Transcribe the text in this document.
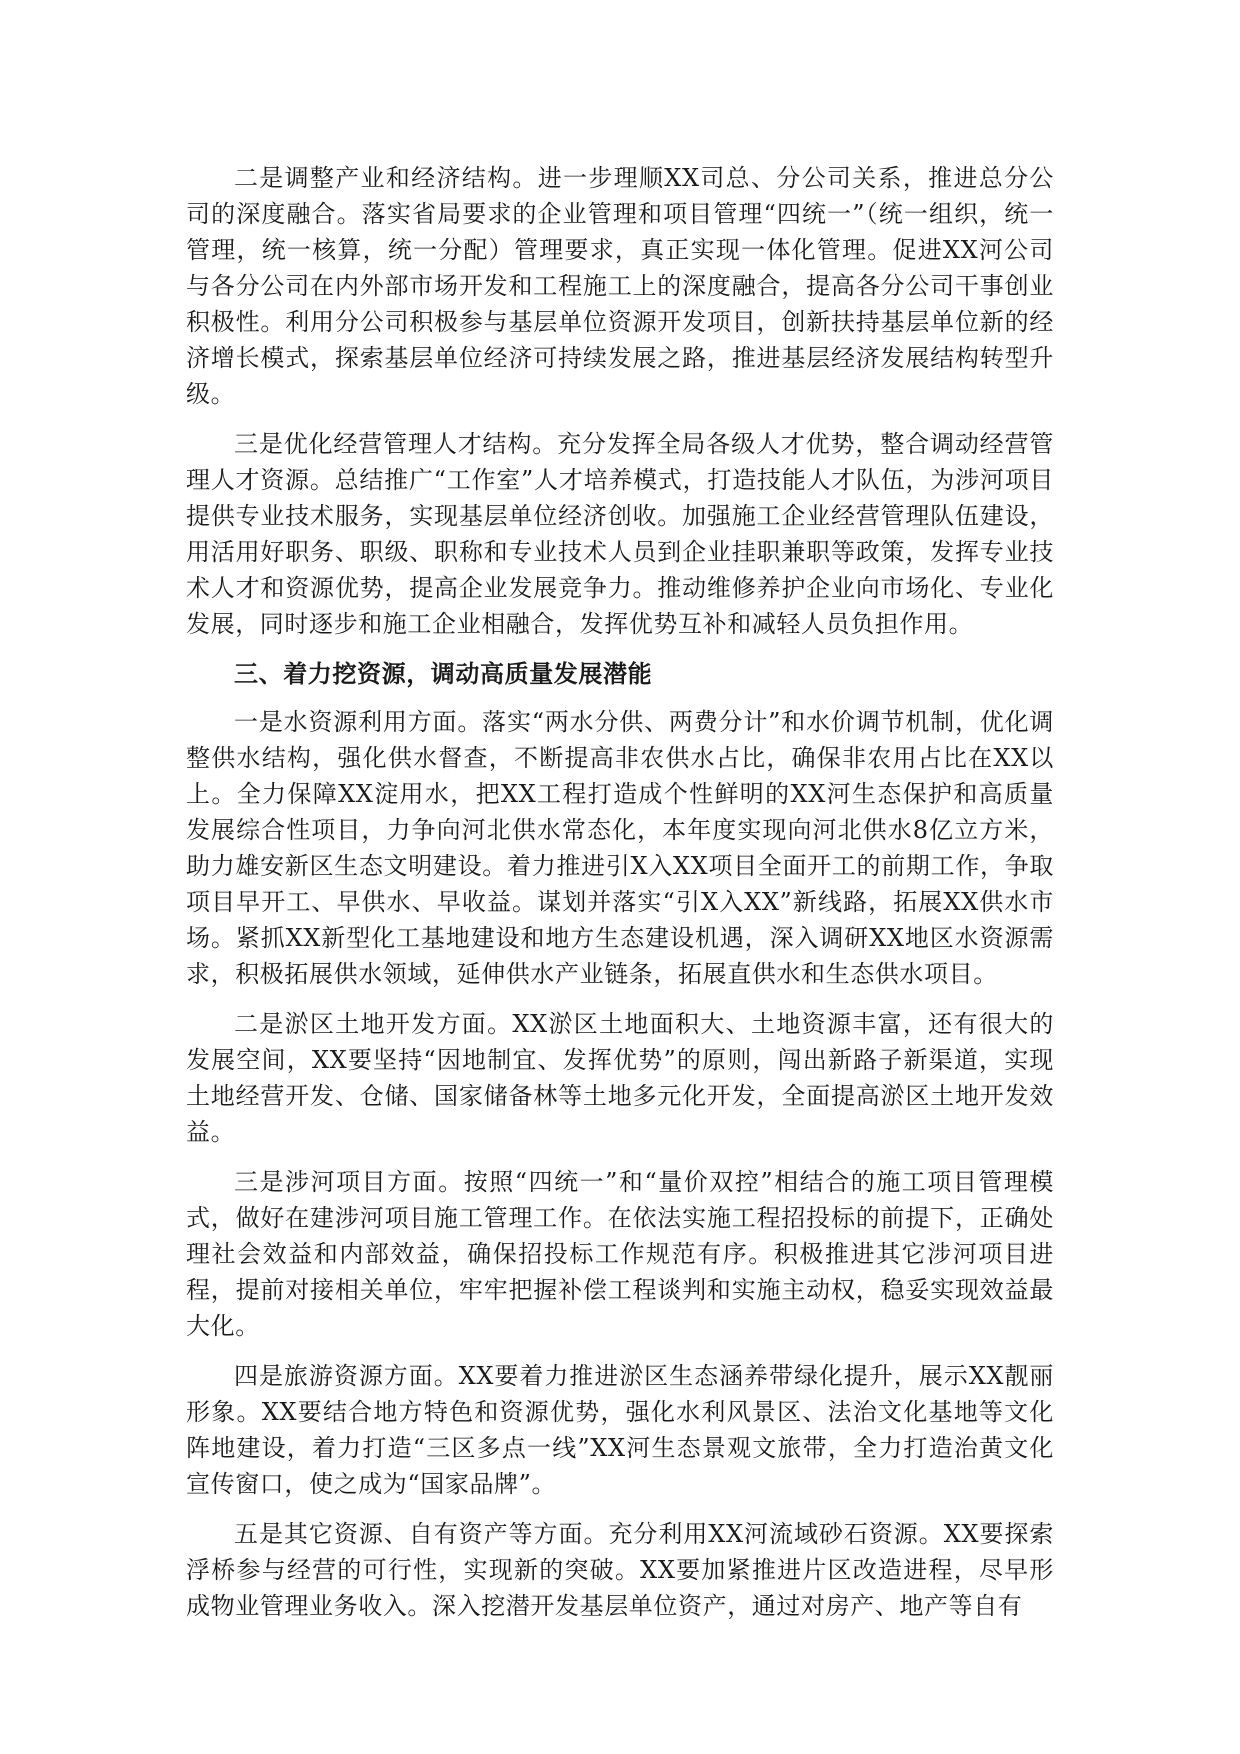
二是调整产业和经济结构。进一步理顺XX司总、分公司关系，推进总分公司的深度融合。落实省局要求的企业管理和项目管理“四统一”（统一组织，统一管理，统一核算，统一分配）管理要求，真正实现一体化管理。促进XX河公司与各分公司在内外部市场开发和工程施工上的深度融合，提高各分公司干事创业积极性。利用分公司积极参与基层单位资源开发项目，创新扶持基层单位新的经济增长模式，探索基层单位经济可持续发展之路，推进基层经济发展结构转型升级。

三是优化经营管理人才结构。充分发挥全局各级人才优势，整合调动经营管理人才资源。总结推广“工作室”人才培养模式，打造技能人才队伍，为涉河项目提供专业技术服务，实现基层单位经济创收。加强施工企业经营管理队伍建设，用活用好职务、职级、职称和专业技术人员到企业挂职兼职等政策，发挥专业技术人才和资源优势，提高企业发展竞争力。推动维修养护企业向市场化、专业化发展，同时逐步和施工企业相融合，发挥优势互补和减轻人员负担作用。

三、着力挖资源，调动高质量发展潜能

一是水资源利用方面。落实“两水分供、两费分计”和水价调节机制，优化调整供水结构，强化供水督查，不断提高非农供水占比，确保非农用占比在XX以上。全力保障XX淀用水，把XX工程打造成个性鲜明的XX河生态保护和高质量发展综合性项目，力争向河北供水常态化，本年度实现向河北供水8亿立方米，助力雄安新区生态文明建设。着力推进引X入XX项目全面开工的前期工作，争取项目早开工、早供水、早收益。谋划并落实“引X入XX”新线路，拓展XX供水市场。紧抓XX新型化工基地建设和地方生态建设机遇，深入调研XX地区水资源需求，积极拓展供水领域，延伸供水产业链条，拓展直供水和生态供水项目。

二是淤区土地开发方面。XX淤区土地面积大、土地资源丰富，还有很大的发展空间，XX要坚持“因地制宜、发挥优势”的原则，闯出新路子新渠道，实现土地经营开发、仓储、国家储备林等土地多元化开发，全面提高淤区土地开发效益。

三是涉河项目方面。按照“四统一”和“量价双控”相结合的施工项目管理模式，做好在建涉河项目施工管理工作。在依法实施工程招投标的前提下，正确处理社会效益和内部效益，确保招投标工作规范有序。积极推进其它涉河项目进程，提前对接相关单位，牢牢把握补偿工程谈判和实施主动权，稳妥实现效益最大化。

四是旅游资源方面。XX要着力推进淤区生态涵养带绿化提升，展示XX靓丽形象。XX要结合地方特色和资源优势，强化水利风景区、法治文化基地等文化阵地建设，着力打造“三区多点一线”XX河生态景观文旅带，全力打造治黄文化宣传窗口，使之成为“国家品牌”。

五是其它资源、自有资产等方面。充分利用XX河流域砂石资源。XX要探索浮桥参与经营的可行性，实现新的突破。XX要加紧推进片区改造进程，尽早形成物业管理业务收入。深入挖潜开发基层单位资产，通过对房产、地产等自有
